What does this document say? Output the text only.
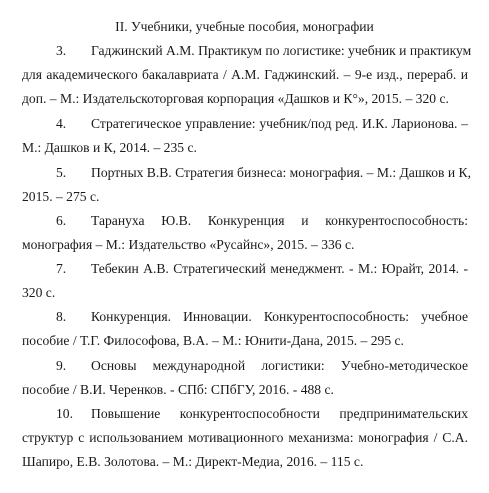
II. Учебники, учебные пособия, монографии
3. Гаджинский А.М. Практикум по логистике: учебник и практикум
для академического бакалавриата / А.М. Гаджинский. – 9-е изд., перераб. и
доп. – М.: Издательскоторговая корпорация «Дашков и К°», 2015. – 320 с.
4. Стратегическое управление: учебник/под ред. И.К. Ларионова. –
М.: Дашков и К, 2014. – 235 с.
5. Портных В.В. Стратегия бизнеса: монография. – М.: Дашков и К,
2015. – 275 с.
6. Тарануха Ю.В. Конкуренция и конкурентоспособность:
монография – М.: Издательство «Русайнс», 2015. – 336 с.
7. Тебекин А.В. Стратегический менеджмент. - М.: Юрайт, 2014. -
320 с.
8. Конкуренция. Инновации. Конкурентоспособность: учебное
пособие / Т.Г. Философова, В.А. – М.: Юнити-Дана, 2015. – 295 с.
9. Основы международной логистики: Учебно-методическое
пособие / В.И. Черенков. - СПб: СПбГУ, 2016. - 488 с.
10. Повышение конкурентоспособности предпринимательских
структур с использованием мотивационного механизма: монография / С.А.
Шапиро, Е.В. Золотова. – М.: Директ-Медиа, 2016. – 115 с.
